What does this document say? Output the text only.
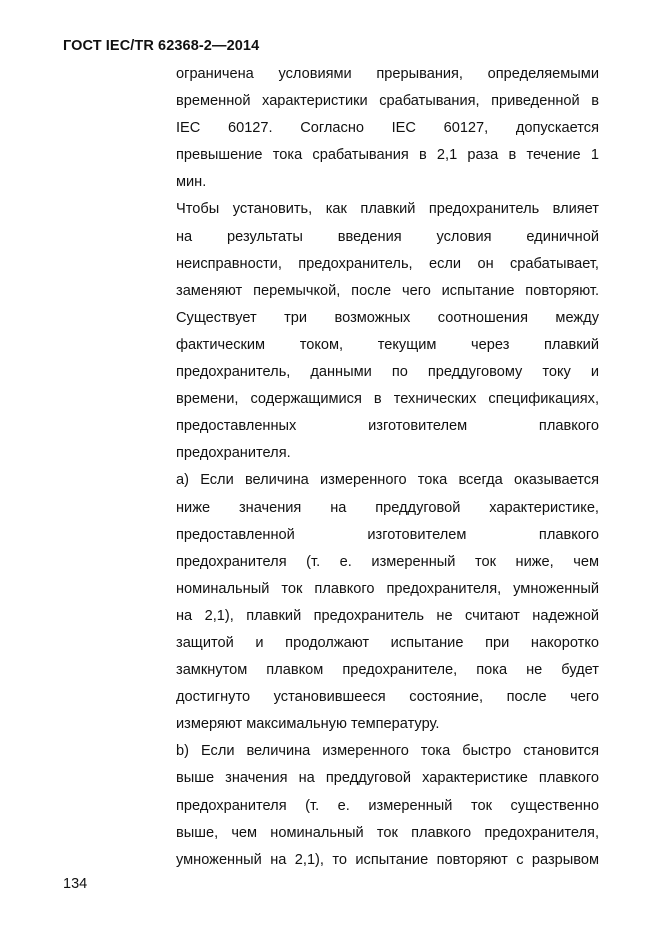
ГОСТ IEC/TR 62368-2—2014

ограничена условиями прерывания, определяемыми

временной характеристики срабатывания, приведенной в

IEC 60127. Согласно IEC 60127, допускается

превышение тока срабатывания в 2,1 раза в течение 1

мин.

Чтобы установить, как плавкий предохранитель влияет

на результаты введения условия единичной

неисправности, предохранитель, если он срабатывает,

заменяют перемычкой, после чего испытание повторяют.

Существует три возможных соотношения между

фактическим током, текущим через плавкий

предохранитель, данными по преддуговому току и

времени, содержащимися в технических спецификациях,

предоставленных изготовителем плавкого

предохранителя.

а) Если величина измеренного тока всегда оказывается

ниже значения на преддуговой характеристике,

предоставленной изготовителем плавкого

предохранителя (т. е. измеренный ток ниже, чем

номинальный ток плавкого предохранителя, умноженный

на 2,1), плавкий предохранитель не считают надежной

защитой и продолжают испытание при накоротко

замкнутом плавком предохранителе, пока не будет

достигнуто установившееся состояние, после чего

измеряют максимальную температуру.

b) Если величина измеренного тока быстро становится

выше значения на преддуговой характеристике плавкого

предохранителя (т. е. измеренный ток существенно

выше, чем номинальный ток плавкого предохранителя,

умноженный на 2,1), то испытание повторяют с разрывом

134
